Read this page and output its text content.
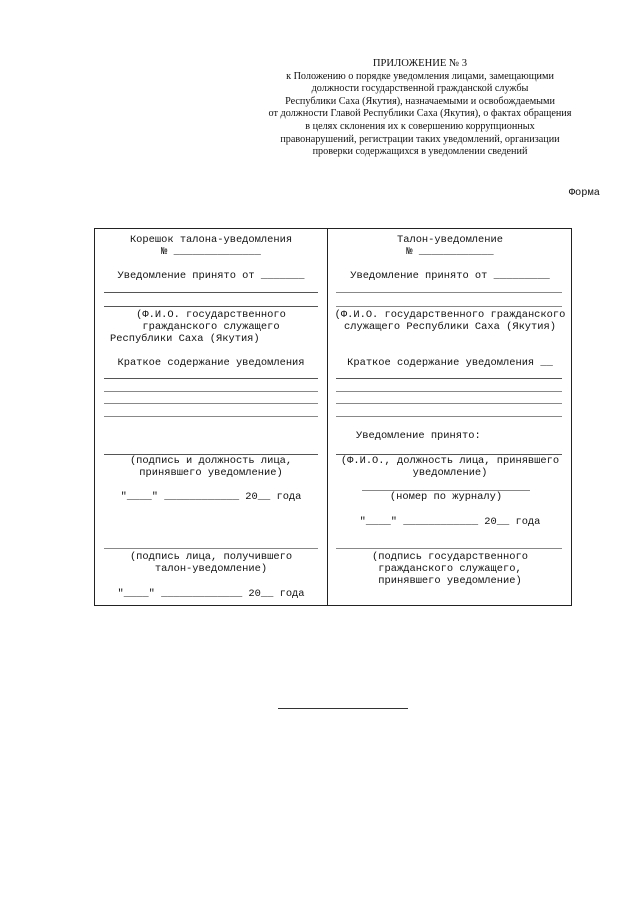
ПРИЛОЖЕНИЕ № 3
к Положению о порядке уведомления лицами, замещающими
должности государственной гражданской службы
Республики Саха (Якутия), назначаемыми и освобождаемыми
от должности Главой Республики Саха (Якутия), о фактах обращения
в целях склонения их к совершению коррупционных
правонарушений, регистрации таких уведомлений, организации
проверки содержащихся в уведомлении сведений
Форма
Корешок талона-уведомления
№ ______________
Уведомление принято от _______
(Ф.И.О. государственного
гражданского служащего
Республики Саха (Якутия)
Краткое содержание уведомления
(подпись и должность лица,
принявшего уведомление)
"____" ____________ 20__ года
(подпись лица, получившего
талон-уведомление)
"____" _____________ 20__ года
Талон-уведомление
№ ____________
Уведомление принято от _________
(Ф.И.О. государственного гражданского
служащего Республики Саха (Якутия)
Краткое содержание уведомления __
Уведомление принято:
(Ф.И.О., должность лица, принявшего
уведомление)
(номер по журналу)
"____" ____________ 20__ года
(подпись государственного
гражданского служащего,
принявшего уведомление)
